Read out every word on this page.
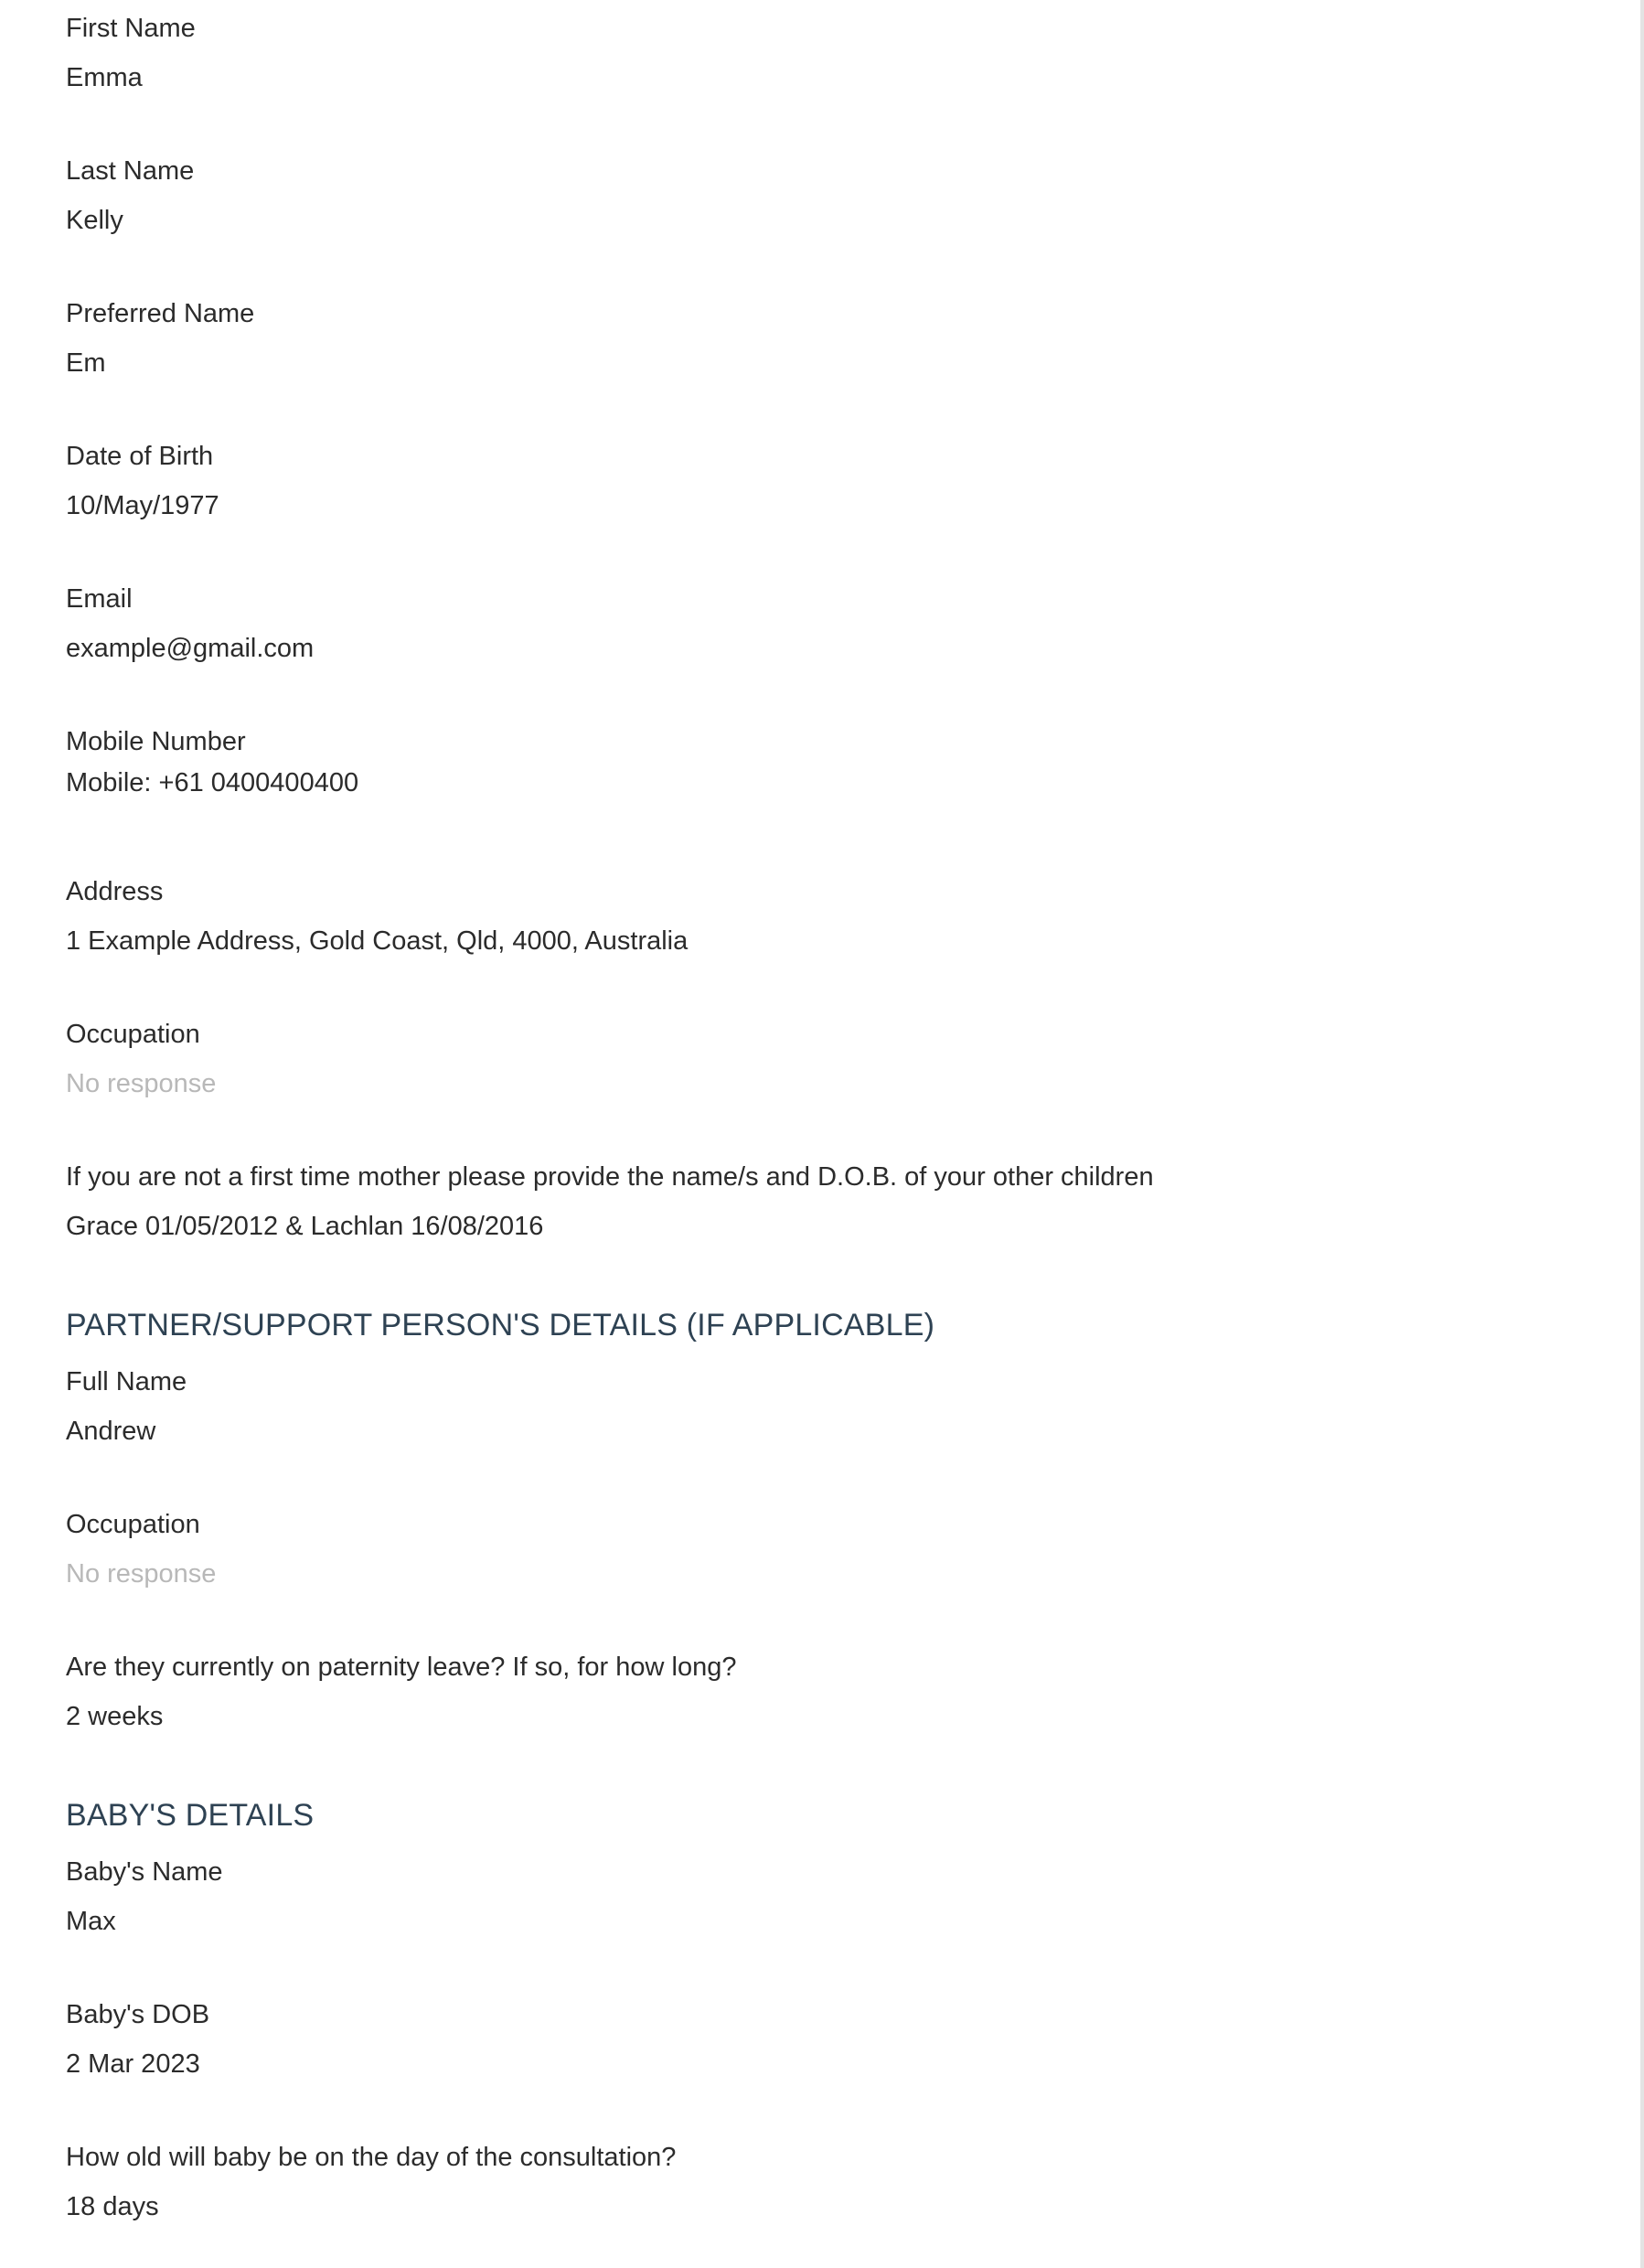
First Name
Emma
Last Name
Kelly
Preferred Name
Em
Date of Birth
10/May/1977
Email
example@gmail.com
Mobile Number
Mobile: +61 0400400400
Address
1 Example Address, Gold Coast, Qld, 4000, Australia
Occupation
No response
If you are not a first time mother please provide the name/s and D.O.B. of your other children
Grace 01/05/2012 & Lachlan 16/08/2016
PARTNER/SUPPORT PERSON'S DETAILS (IF APPLICABLE)
Full Name
Andrew
Occupation
No response
Are they currently on paternity leave? If so, for how long?
2 weeks
BABY'S DETAILS
Baby's Name
Max
Baby's DOB
2 Mar 2023
How old will baby be on the day of the consultation?
18 days
